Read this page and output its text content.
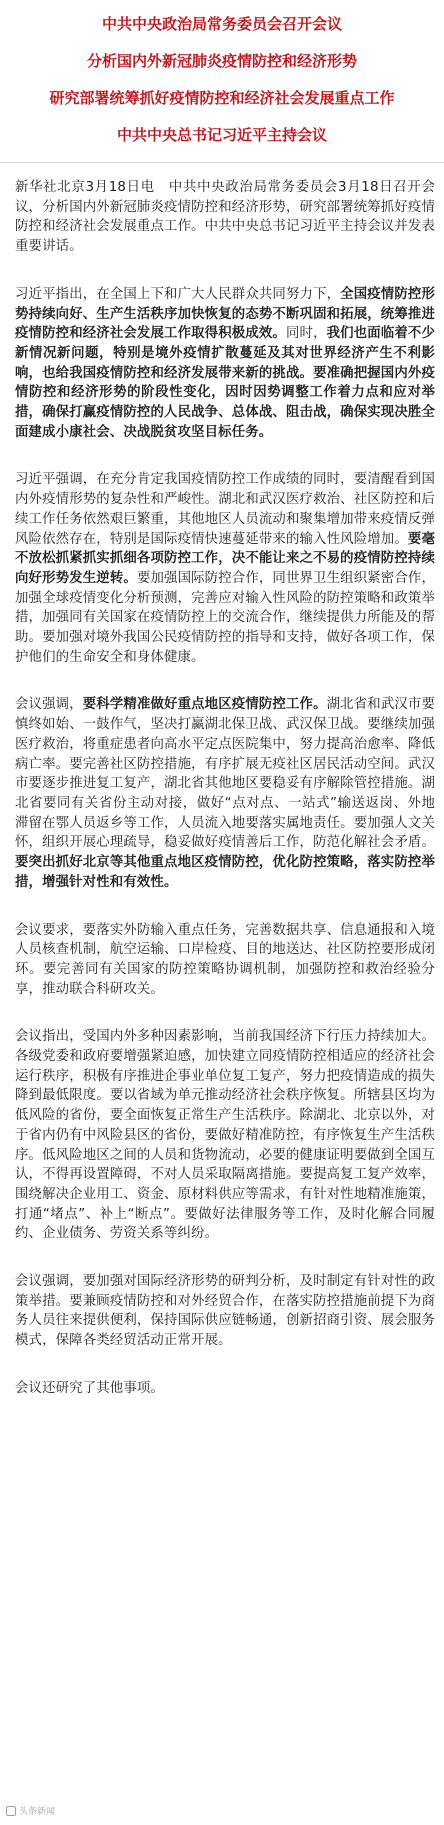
中共中央政治局常务委员会召开会议
分析国内外新冠肺炎疫情防控和经济形势
研究部署统筹抓好疫情防控和经济社会发展重点工作
中共中央总书记习近平主持会议

新华社北京3月18日电　中共中央政治局常务委员会3月18日召开会议，分析国内外新冠肺炎疫情防控和经济形势，研究部署统筹抓好疫情防控和经济社会发展重点工作。中共中央总书记习近平主持会议并发表重要讲话。

习近平指出，在全国上下和广大人民群众共同努力下，全国疫情防控形势持续向好、生产生活秩序加快恢复的态势不断巩固和拓展，统筹推进疫情防控和经济社会发展工作取得积极成效。同时，我们也面临着不少新情况新问题，特别是境外疫情扩散蔓延及其对世界经济产生不利影响，也给我国疫情防控和经济发展带来新的挑战。要准确把握国内外疫情防控和经济形势的阶段性变化，因时因势调整工作着力点和应对举措，确保打赢疫情防控的人民战争、总体战、阻击战，确保实现决胜全面建成小康社会、决战脱贫攻坚目标任务。

习近平强调，在充分肯定我国疫情防控工作成绩的同时，要清醒看到国内外疫情形势的复杂性和严峻性。湖北和武汉医疗救治、社区防控和后续工作任务依然艰巨繁重，其他地区人员流动和聚集增加带来疫情反弹风险依然存在，特别是国际疫情快速蔓延带来的输入性风险增加。要毫不放松抓紧抓实抓细各项防控工作，决不能让来之不易的疫情防控持续向好形势发生逆转。要加强国际防控合作，同世界卫生组织紧密合作，加强全球疫情变化分析预测，完善应对输入性风险的防控策略和政策举措，加强同有关国家在疫情防控上的交流合作，继续提供力所能及的帮助。要加强对境外我国公民疫情防控的指导和支持，做好各项工作，保护他们的生命安全和身体健康。

会议强调，要科学精准做好重点地区疫情防控工作。湖北省和武汉市要慎终如始、一鼓作气，坚决打赢湖北保卫战、武汉保卫战。要继续加强医疗救治，将重症患者向高水平定点医院集中，努力提高治愈率、降低病亡率。要完善社区防控措施，有序扩展无疫社区居民活动空间。武汉市要逐步推进复工复产，湖北省其他地区要稳妥有序解除管控措施。湖北省要同有关省份主动对接，做好“点对点、一站式”输送返岗、外地滞留在鄂人员返乡等工作，人员流入地要落实属地责任。要加强人文关怀，组织开展心理疏导，稳妥做好疫情善后工作，防范化解社会矛盾。要突出抓好北京等其他重点地区疫情防控，优化防控策略，落实防控举措，增强针对性和有效性。

会议要求，要落实外防输入重点任务，完善数据共享、信息通报和入境人员核查机制，航空运输、口岸检疫、目的地送达、社区防控要形成闭环。要完善同有关国家的防控策略协调机制，加强防控和救治经验分享，推动联合科研攻关。

会议指出，受国内外多种因素影响，当前我国经济下行压力持续加大。各级党委和政府要增强紧迫感，加快建立同疫情防控相适应的经济社会运行秩序，积极有序推进企事业单位复工复产，努力把疫情造成的损失降到最低限度。要以省域为单元推动经济社会秩序恢复。所辖县区均为低风险的省份，要全面恢复正常生产生活秩序。除湖北、北京以外，对于省内仍有中风险县区的省份，要做好精准防控，有序恢复生产生活秩序。低风险地区之间的人员和货物流动，必要的健康证明要做到全国互认，不得再设置障碍，不对人员采取隔离措施。要提高复工复产效率，围绕解决企业用工、资金、原材料供应等需求，有针对性地精准施策，打通“堵点”、补上“断点”。要做好法律服务等工作，及时化解合同履约、企业债务、劳资关系等纠纷。

会议强调，要加强对国际经济形势的研判分析，及时制定有针对性的政策举措。要兼顾疫情防控和对外经贸合作，在落实防控措施前提下为商务人员往来提供便利，保持国际供应链畅通，创新招商引资、展会服务模式，保障各类经贸活动正常开展。

会议还研究了其他事项。

头条新闻
